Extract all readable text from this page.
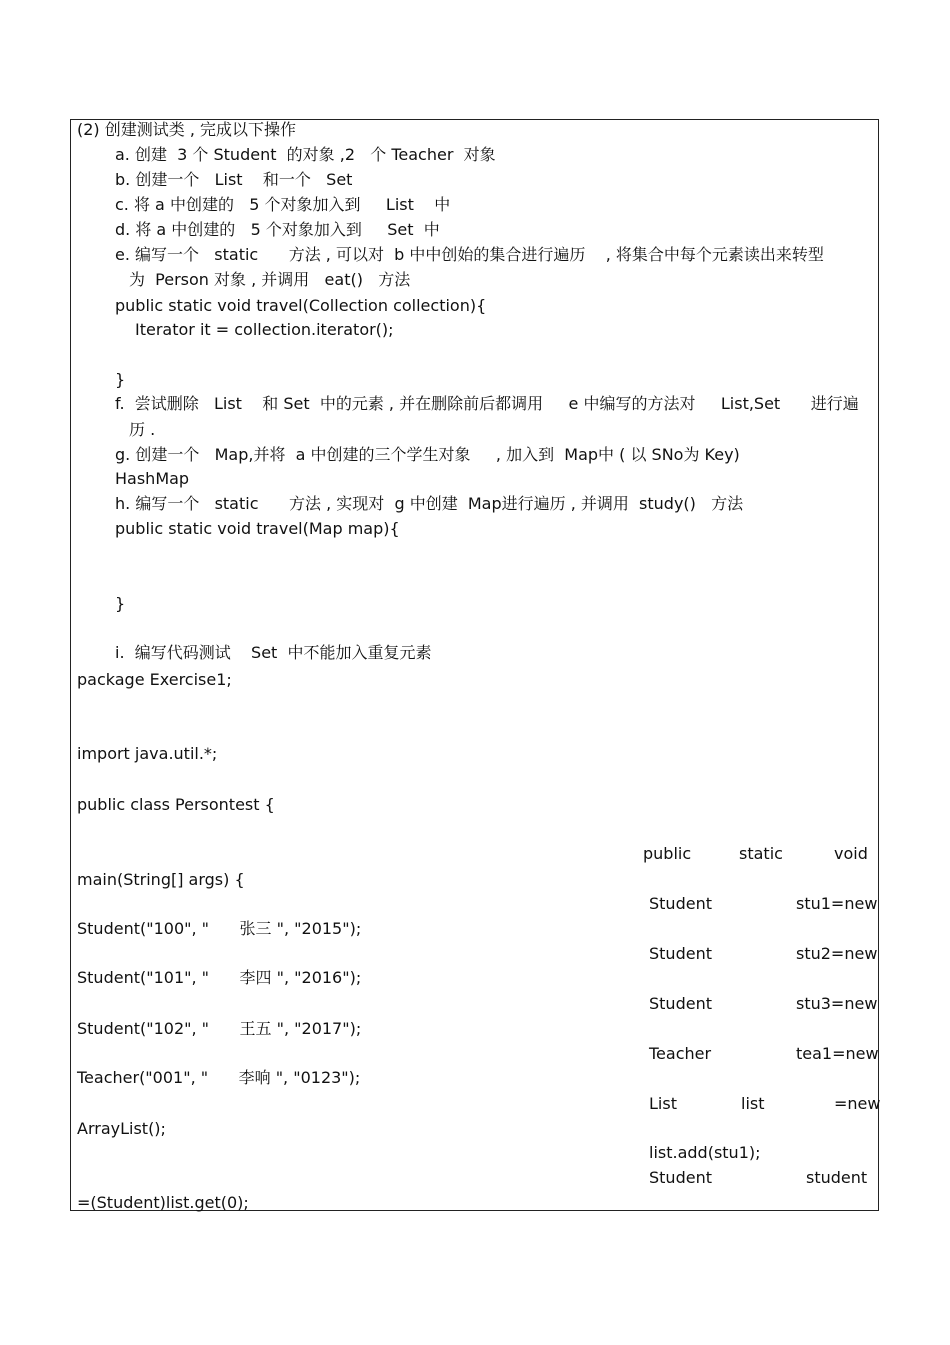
(2) 创建测试类 , 完成以下操作
a. 创建  3 个 Student  的对象 ,2   个 Teacher  对象
b. 创建一个   List    和一个   Set
c. 将 a 中创建的   5 个对象加入到     List    中
d. 将 a 中创建的   5 个对象加入到     Set  中
e. 编写一个   static      方法 , 可以对  b 中中创始的集合进行遍历    , 将集合中每个元素读出来转型
为  Person 对象 , 并调用   eat()   方法
public static void travel(Collection collection){
Iterator it = collection.iterator();
}
f.  尝试删除   List    和 Set  中的元素 , 并在删除前后都调用     e 中编写的方法对     List,Set      进行遍
历 .
g. 创建一个   Map,并将  a 中创建的三个学生对象     , 加入到  Map中 ( 以 SNo为 Key)
HashMap
h. 编写一个   static      方法 , 实现对  g 中创建  Map进行遍历 , 并调用  study()   方法
public static void travel(Map map){
}
i.  编写代码测试    Set  中不能加入重复元素
package Exercise1;
import java.util.*;
public class Persontest {
public	static	void
main(String[] args) {
Student	stu1=new
Student("100", "      张三 ", "2015");
Student	stu2=new
Student("101", "      李四 ", "2016");
Student	stu3=new
Student("102", "      王五 ", "2017");
Teacher	tea1=new
Teacher("001", "      李响 ", "0123");
List	list	=new
ArrayList();
list.add(stu1);
Student	student
=(Student)list.get(0);
